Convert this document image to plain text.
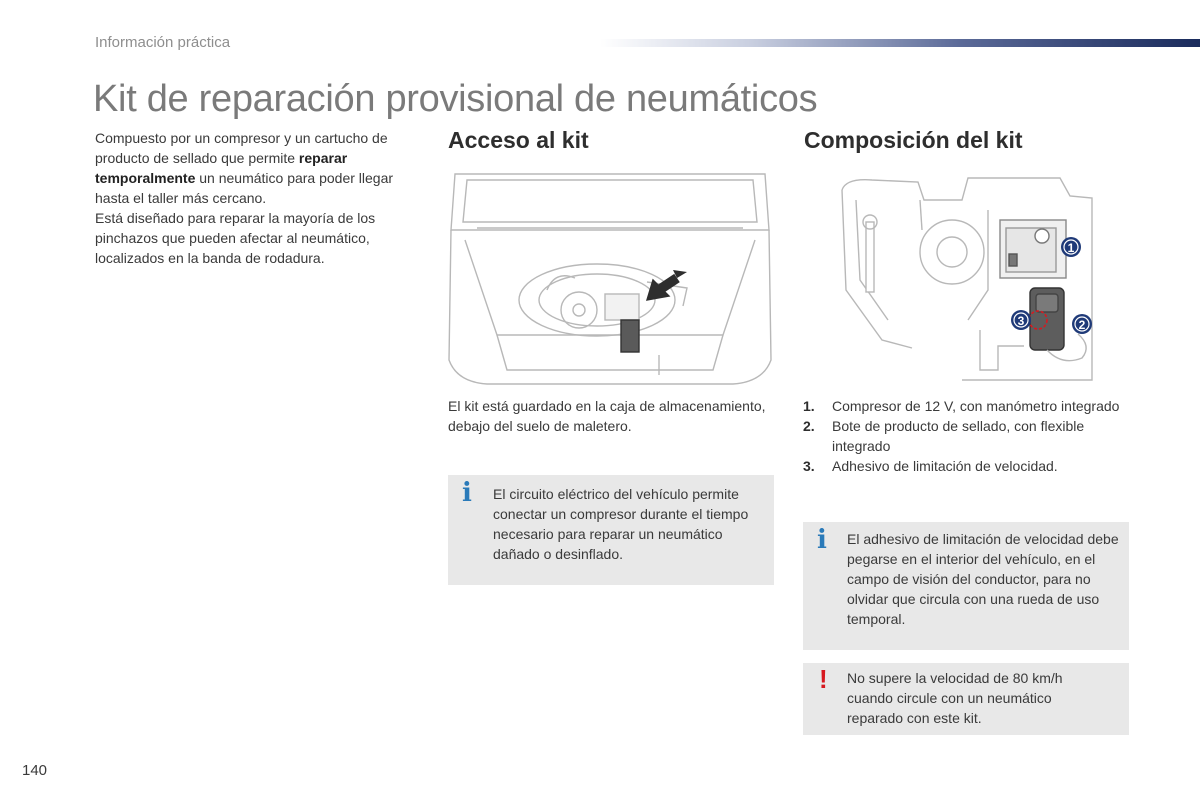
Información práctica
Kit de reparación provisional de neumáticos

Compuesto por un compresor y un cartucho de producto de sellado que permite reparar temporalmente un neumático para poder llegar hasta el taller más cercano.

Está diseñado para reparar la mayoría de los pinchazos que pueden afectar al neumático, localizados en la banda de rodadura.

Acceso al kit
El kit está guardado en la caja de almacenamiento, debajo del suelo de maletero.
i El circuito eléctrico del vehículo permite conectar un compresor durante el tiempo necesario para reparar un neumático dañado o desinflado.
Composición del kit
1
2
3
1.	Compresor de 12 V, con manómetro integrado
2.	Bote de producto de sellado, con flexible integrado
3.	Adhesivo de limitación de velocidad.
i El adhesivo de limitación de velocidad debe pegarse en el interior del vehículo, en el campo de visión del conductor, para no olvidar que circula con una rueda de uso temporal.
! No supere la velocidad de 80 km/h cuando circule con un neumático reparado con este kit.
140
